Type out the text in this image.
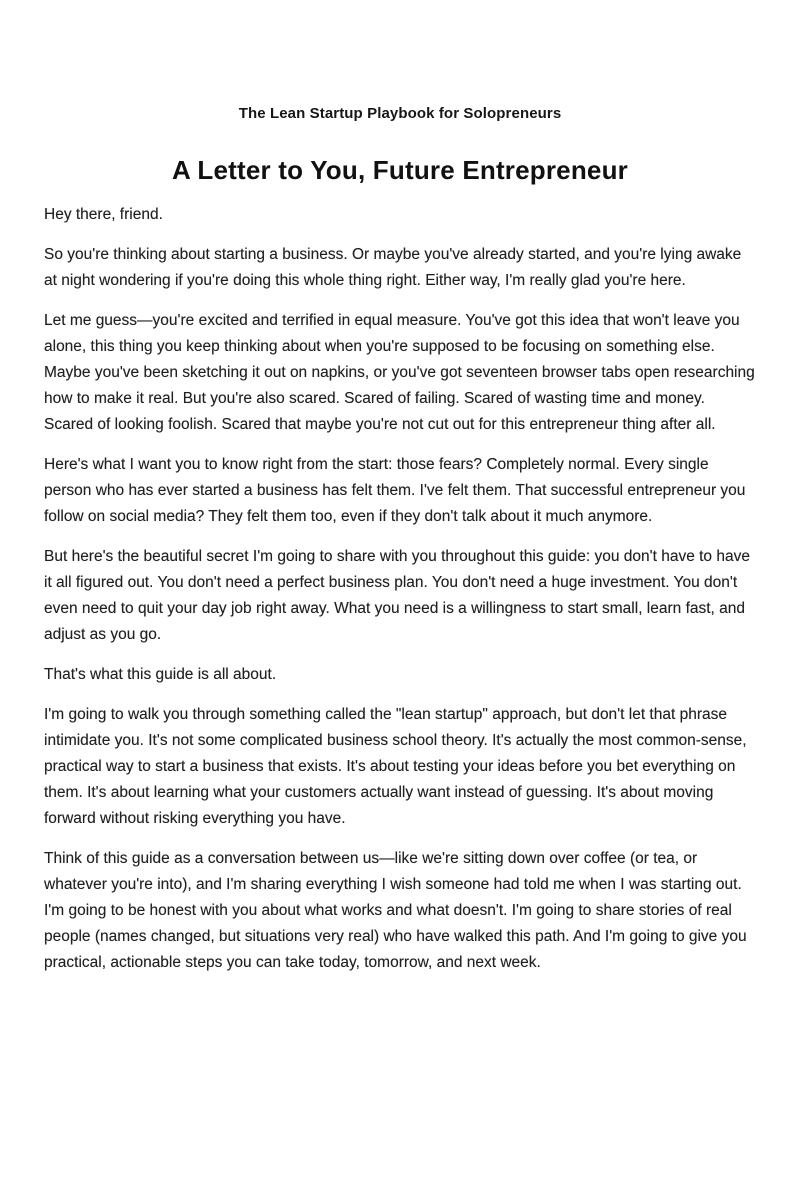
The Lean Startup Playbook for Solopreneurs

A Letter to You, Future Entrepreneur

Hey there, friend.

So you're thinking about starting a business. Or maybe you've already started, and you're lying awake at night wondering if you're doing this whole thing right. Either way, I'm really glad you're here.

Let me guess—you're excited and terrified in equal measure. You've got this idea that won't leave you alone, this thing you keep thinking about when you're supposed to be focusing on something else. Maybe you've been sketching it out on napkins, or you've got seventeen browser tabs open researching how to make it real. But you're also scared. Scared of failing. Scared of wasting time and money. Scared of looking foolish. Scared that maybe you're not cut out for this entrepreneur thing after all.

Here's what I want you to know right from the start: those fears? Completely normal. Every single person who has ever started a business has felt them. I've felt them. That successful entrepreneur you follow on social media? They felt them too, even if they don't talk about it much anymore.

But here's the beautiful secret I'm going to share with you throughout this guide: you don't have to have it all figured out. You don't need a perfect business plan. You don't need a huge investment. You don't even need to quit your day job right away. What you need is a willingness to start small, learn fast, and adjust as you go.

That's what this guide is all about.

I'm going to walk you through something called the "lean startup" approach, but don't let that phrase intimidate you. It's not some complicated business school theory. It's actually the most common-sense, practical way to start a business that exists. It's about testing your ideas before you bet everything on them. It's about learning what your customers actually want instead of guessing. It's about moving forward without risking everything you have.

Think of this guide as a conversation between us—like we're sitting down over coffee (or tea, or whatever you're into), and I'm sharing everything I wish someone had told me when I was starting out. I'm going to be honest with you about what works and what doesn't. I'm going to share stories of real people (names changed, but situations very real) who have walked this path. And I'm going to give you practical, actionable steps you can take today, tomorrow, and next week.
